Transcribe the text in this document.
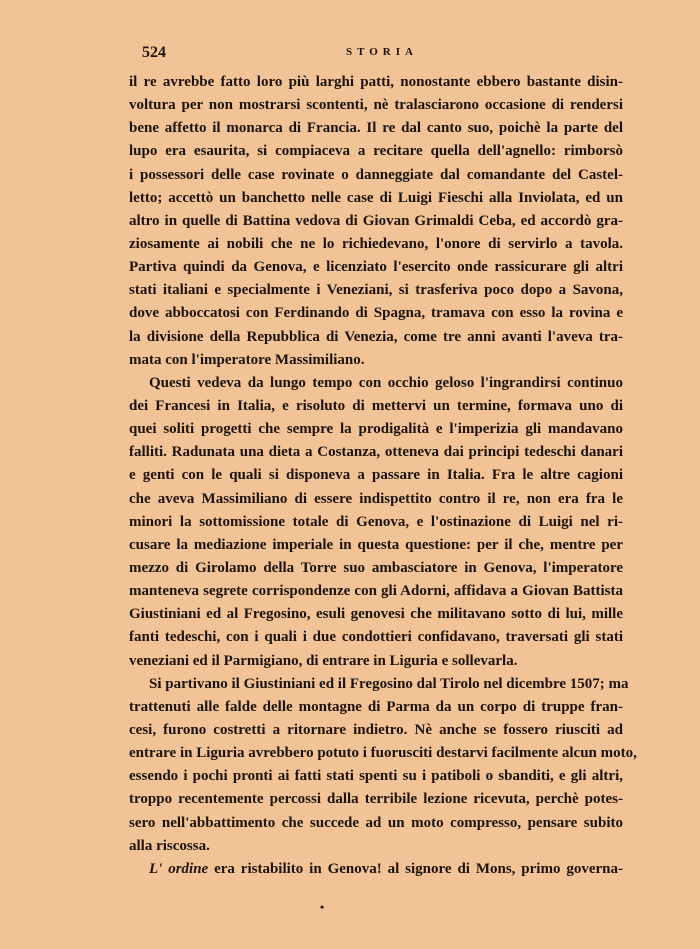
524	STORIA
il re avrebbe fatto loro più larghi patti, nonostante ebbero bastante disin-
voltura per non mostrarsi scontenti, nè tralasciarono occasione di rendersi
bene affetto il monarca di Francia. Il re dal canto suo, poichè la parte del
lupo era esaurita, si compiaceva a recitare quella dell'agnello: rimborsò
i possessori delle case rovinate o danneggiate dal comandante del Castel-
letto; accettò un banchetto nelle case di Luigi Fieschi alla Inviolata, ed un
altro in quelle di Battina vedova di Giovan Grimaldi Ceba, ed accordò gra-
ziosamente ai nobili che ne lo richiedevano, l'onore di servirlo a tavola.
Partiva quindi da Genova, e licenziato l'esercito onde rassicurare gli altri
stati italiani e specialmente i Veneziani, si trasferiva poco dopo a Savona,
dove abboccatosi con Ferdinando di Spagna, tramava con esso la rovina e
la divisione della Repubblica di Venezia, come tre anni avanti l'aveva tra-
mata con l'imperatore Massimiliano.
Questi vedeva da lungo tempo con occhio geloso l'ingrandirsi continuo
dei Francesi in Italia, e risoluto di mettervi un termine, formava uno di
quei soliti progetti che sempre la prodigalità e l'imperizia gli mandavano
falliti. Radunata una dieta a Costanza, otteneva dai principi tedeschi danari
e genti con le quali si disponeva a passare in Italia. Fra le altre cagioni
che aveva Massimiliano di essere indispettito contro il re, non era fra le
minori la sottomissione totale di Genova, e l'ostinazione di Luigi nel ri-
cusare la mediazione imperiale in questa questione: per il che, mentre per
mezzo di Girolamo della Torre suo ambasciatore in Genova, l'imperatore
manteneva segrete corrispondenze con gli Adorni, affidava a Giovan Battista
Giustiniani ed al Fregosino, esuli genovesi che militavano sotto di lui, mille
fanti tedeschi, con i quali i due condottieri confidavano, traversati gli stati
veneziani ed il Parmigiano, di entrare in Liguria e sollevarla.
Si partivano il Giustiniani ed il Fregosino dal Tirolo nel dicembre 1507; ma
trattenuti alle falde delle montagne di Parma da un corpo di truppe fran-
cesi, furono costretti a ritornare indietro. Nè anche se fossero riusciti ad
entrare in Liguria avrebbero potuto i fuorusciti destarvi facilmente alcun moto,
essendo i pochi pronti ai fatti stati spenti su i patiboli o sbanditi, e gli altri,
troppo recentemente percossi dalla terribile lezione ricevuta, perchè potes-
sero nell'abbattimento che succede ad un moto compresso, pensare subito
alla riscossa.
L' ordine era ristabilito in Genova! al signore di Mons, primo governa-
•
